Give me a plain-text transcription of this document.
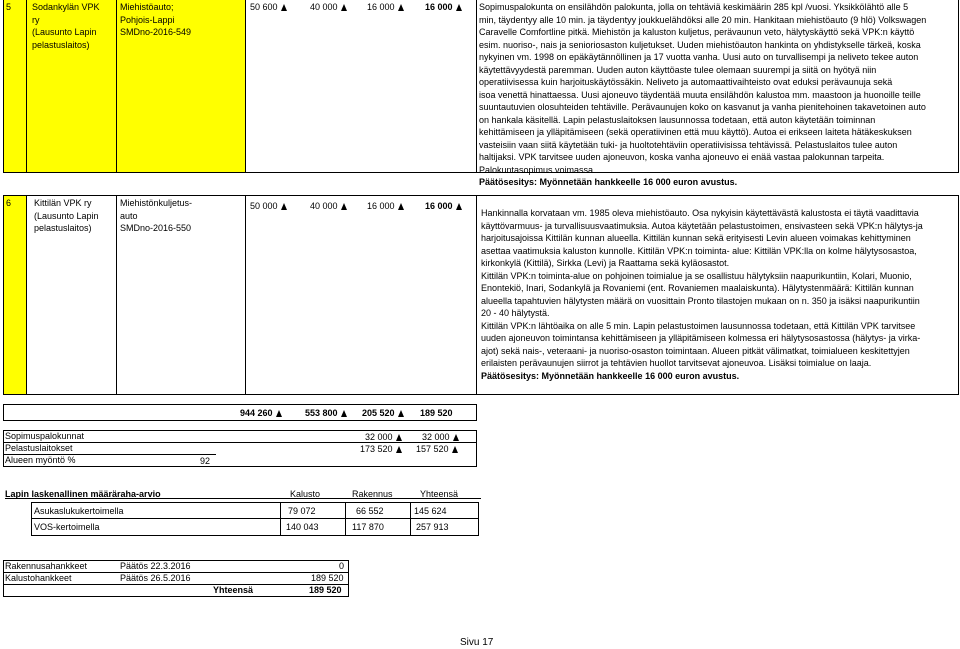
5 Sodankylän VPK
ry
(Lausunto Lapin
pelastuslaitos)
Miehistöauto;
Pohjois-Lappi
SMDno-2016-549
50 600	40 000	16 000	16 000	Sopimuspalokunta on ensilähdön palokunta, jolla on tehtäviä keskimäärin 285 kpl /vuosi. Yksikkölähtö alle 5
min, täydentyy alle 10 min. ja täydentyy joukkuelähdöksi alle 20 min. Hankitaan miehistöauto (9 hlö) Volkswagen
Caravelle Comfortline pitkä. Miehistön ja kaluston kuljetus, perävaunun veto, hälytyskäyttö sekä VPK:n käyttö
esim. nuoriso-, nais ja senioriosaston kuljetukset. Uuden miehistöauton hankinta on yhdistykselle tärkeä, koska
nykyinen vm. 1998 on epäkäytännöllinen ja 17 vuotta vanha. Uusi auto on turvallisempi ja neliveto tekee auton
käytettävyydestä paremman. Uuden auton käyttöaste tulee olemaan suurempi ja siitä on hyötyä niin
operatiivisessa kuin harjoituskäytössäkin. Neliveto ja automaattivaihteisto ovat eduksi perävaunuja sekä
isoa venettä hinattaessa. Uusi ajoneuvo täydentää muuta ensilähdön kalustoa mm. maastoon ja huonoille teille
suuntautuvien olosuhteiden tehtäville. Perävaunujen koko on kasvanut ja vanha pienitehoinen takavetoinen auto
on hankala käsitellä. Lapin pelastuslaitoksen lausunnossa todetaan, että auton käytetään toiminnan
kehittämiseen ja ylläpitämiseen (sekä operatiivinen että muu käyttö). Autoa ei erikseen laiteta hätäkeskuksen
vasteisiin vaan siitä käytetään tuki- ja huoltotehtäviin operatiivisissa tehtävissä. Pelastuslaitos tulee auton
haltijaksi. VPK tarvitsee uuden ajoneuvon, koska vanha ajoneuvo ei enää vastaa palokunnan tarpeita.
Palokuntasopimus voimassa.
Päätösesitys: Myönnetään hankkeelle 16 000 euron avustus.
6	Kittilän VPK ry
(Lausunto Lapin
pelastuslaitos)
Miehistönkuljetus-
auto
SMDno-2016-550
50 000	40 000	16 000	16 000
Hankinnalla korvataan vm. 1985 oleva miehistöauto. Osa nykyisin käytettävästä kalustosta ei täytä vaadittavia
käyttövarmuus- ja turvallisuusvaatimuksia. Autoa käytetään pelastustoimen, ensivasteen sekä VPK:n hälytys-ja
harjoitusajoissa Kittilän kunnan alueella. Kittilän kunnan sekä erityisesti Levin alueen voimakas kehittyminen
asettaa vaatimuksia kaluston kunnolle. Kittilän VPK:n toiminta- alue: Kittilän VPK:lla on kolme hälytysosastoa,
kirkonkylä (Kittilä), Sirkka (Levi) ja Raattama sekä kyläosastot.
Kittilän VPK:n toiminta-alue on pohjoinen toimialue ja se osallistuu hälytyksiin naapurikuntiin, Kolari, Muonio,
Enontekiö, Inari, Sodankylä ja Rovaniemi (ent. Rovaniemen maalaiskunta). Hälytystenmäärä: Kittilän kunnan
alueella tapahtuvien hälytysten määrä on vuosittain Pronto tilastojen mukaan on n. 350 ja isäksi naapurikuntiin
20 - 40 hälytystä.
Kittilän VPK:n lähtöaika on alle 5 min. Lapin pelastustoimen lausunnossa todetaan, että Kittilän VPK tarvitsee
uuden ajoneuvon toimintansa kehittämiseen ja ylläpitämiseen kolmessa eri hälytysosastossa (hälytys- ja virka-
ajot) sekä nais-, veteraani- ja nuoriso-osaston toimintaan. Alueen pitkät välimatkat, toimialueen keskitettyjen
erilaisten perävaunujen siirrot ja tehtävien huollot tarvitsevat ajoneuvoa. Lisäksi toimialue on laaja.
Päätösesitys: Myönnetään hankkeelle 16 000 euron avustus.
944 260	553 800	205 520	189 520
Sopimuspalokunnat	32 000	32 000
Pelastuslaitokset	173 520	157 520
Alueen myöntö %	92
Lapin laskenallinen määräraha-arvio	Kalusto	Rakennus	Yhteensä
Asukaslukukertoimella	79 072	66 552	145 624
VOS-kertoimella	140 043	117 870	257 913
Rakennusahankkeet	Päätös 22.3.2016	0
Kalustohankkeet	Päätös 26.5.2016	189 520
Yhteensä	189 520
Sivu 17
